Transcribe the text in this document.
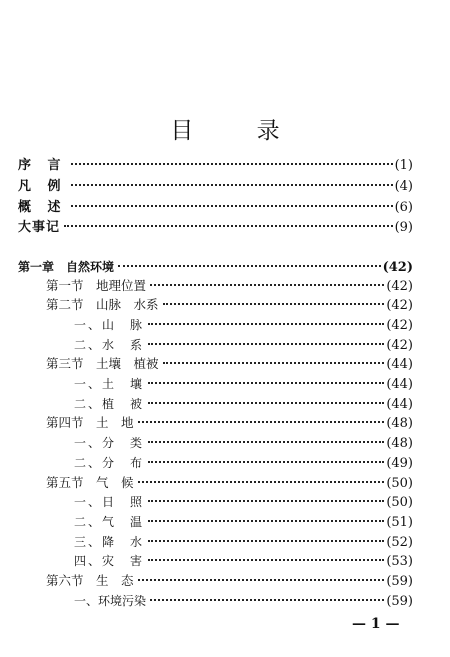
目 录
序 言	(1)
凡 例	(4)
概 述	(6)
大事记	(9)
第一章　自然环境	(42)
第一节　地理位置	(42)
第二节　山脉　水系	(42)
一、山　脉	(42)
二、水　系	(42)
第三节　土壤　植被	(44)
一、土　壤	(44)
二、植　被	(44)
第四节　土　地	(48)
一、分　类	(48)
二、分　布	(49)
第五节　气　候	(50)
一、日　照	(50)
二、气　温	(51)
三、降　水	(52)
四、灾　害	(53)
第六节　生　态	(59)
一、环境污染	(59)
— 1 —
